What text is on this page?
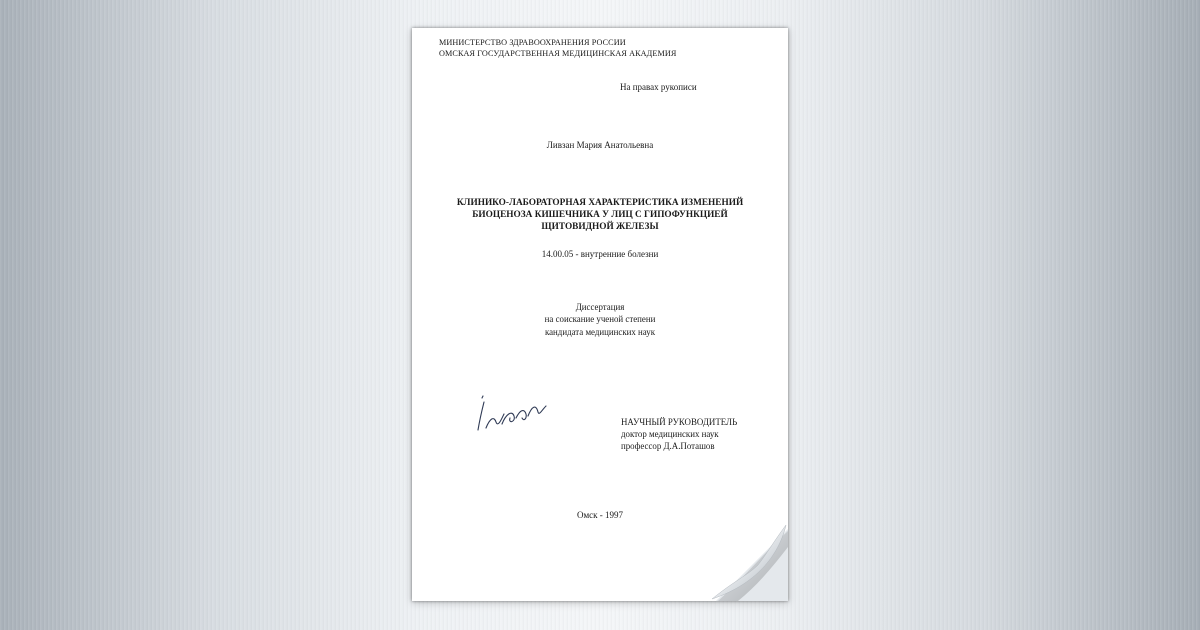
МИНИСТЕРСТВО ЗДРАВООХРАНЕНИЯ РОССИИ
ОМСКАЯ ГОСУДАРСТВЕННАЯ МЕДИЦИНСКАЯ АКАДЕМИЯ
На правах рукописи
Ливзан Мария Анатольевна
КЛИНИКО-ЛАБОРАТОРНАЯ ХАРАКТЕРИСТИКА ИЗМЕНЕНИЙ
БИОЦЕНОЗА КИШЕЧНИКА У ЛИЦ С ГИПОФУНКЦИЕЙ
ЩИТОВИДНОЙ ЖЕЛЕЗЫ
14.00.05 - внутренние болезни
Диссертация
на соискание ученой степени
кандидата медицинских наук
НАУЧНЫЙ РУКОВОДИТЕЛЬ
доктор медицинских наук
профессор Д.А.Поташов
Омск - 1997
